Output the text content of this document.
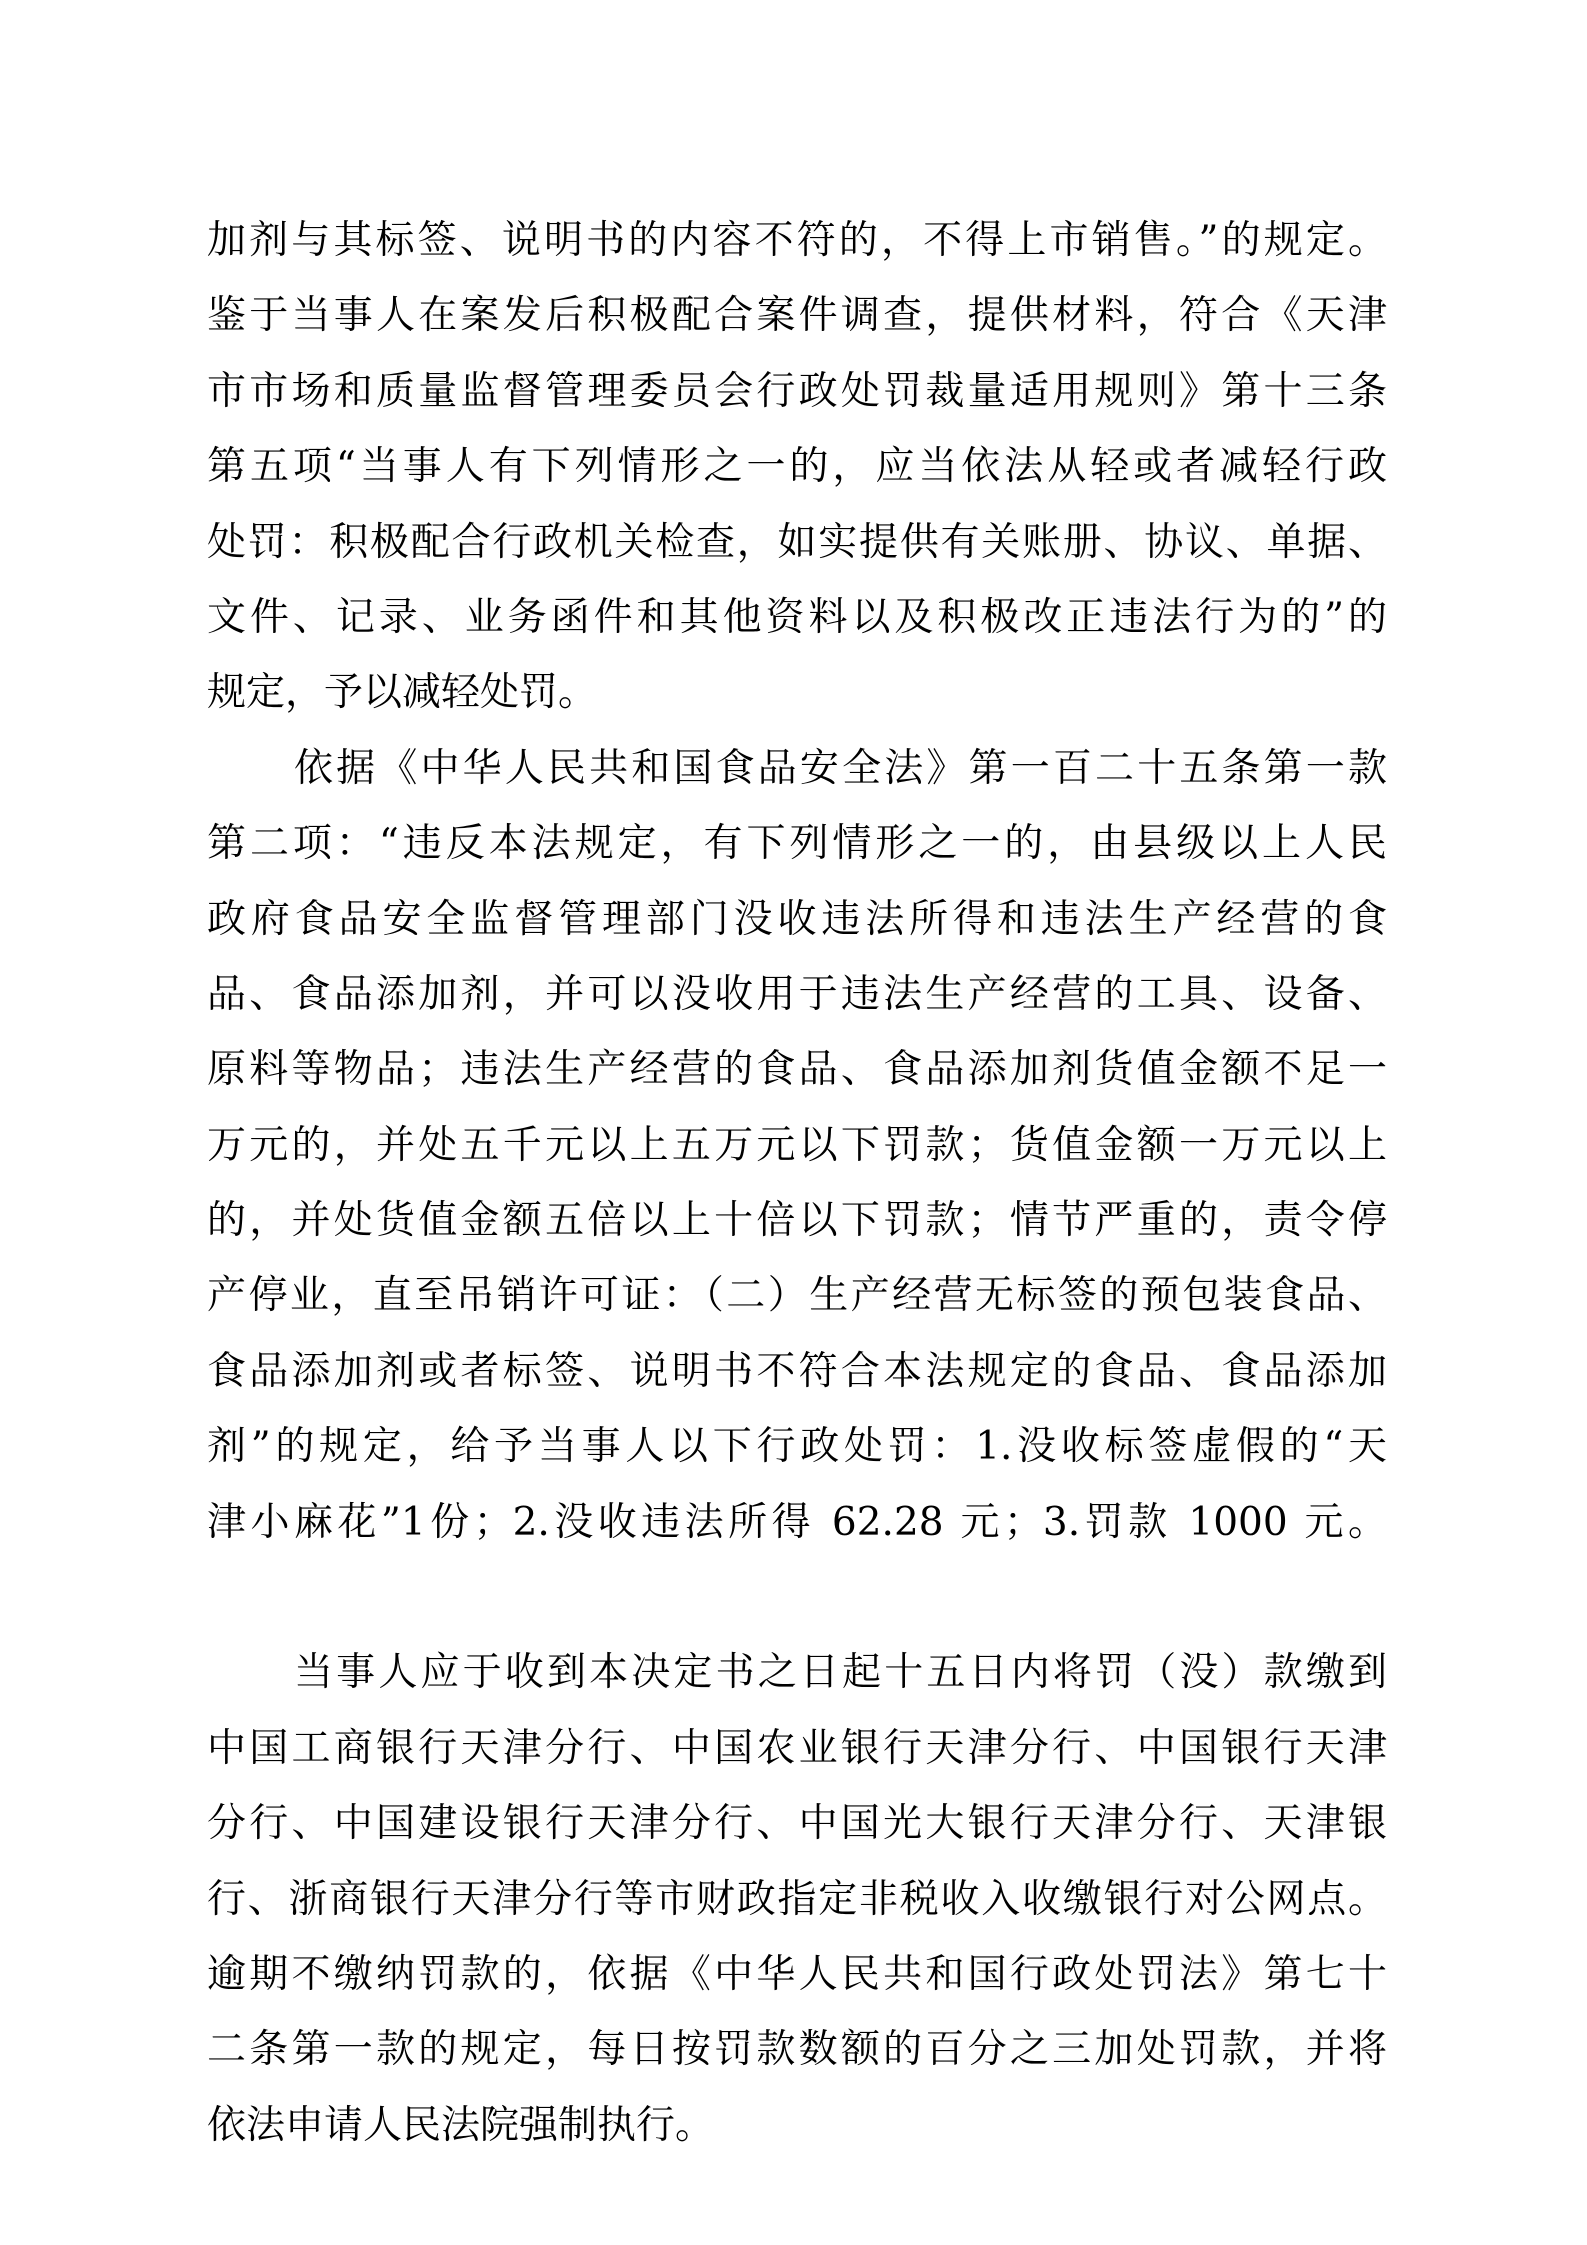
加剂与其标签、说明书的内容不符的，不得上市销售。”的规定。
鉴于当事人在案发后积极配合案件调查，提供材料，符合《天津
市市场和质量监督管理委员会行政处罚裁量适用规则》第十三条
第五项“当事人有下列情形之一的，应当依法从轻或者减轻行政
处罚：积极配合行政机关检查，如实提供有关账册、协议、单据、
文件、记录、业务函件和其他资料以及积极改正违法行为的”的
规定，予以减轻处罚。
依据《中华人民共和国食品安全法》第一百二十五条第一款
第二项：“违反本法规定，有下列情形之一的，由县级以上人民
政府食品安全监督管理部门没收违法所得和违法生产经营的食
品、食品添加剂，并可以没收用于违法生产经营的工具、设备、
原料等物品；违法生产经营的食品、食品添加剂货值金额不足一
万元的，并处五千元以上五万元以下罚款；货值金额一万元以上
的，并处货值金额五倍以上十倍以下罚款；情节严重的，责令停
产停业，直至吊销许可证：（二）生产经营无标签的预包装食品、
食品添加剂或者标签、说明书不符合本法规定的食品、食品添加
剂”的规定，给予当事人以下行政处罚：1.没收标签虚假的“天
津小麻花”1份；2.没收违法所得 62.28 元；3.罚款 1000 元。
当事人应于收到本决定书之日起十五日内将罚（没）款缴到
中国工商银行天津分行、中国农业银行天津分行、中国银行天津
分行、中国建设银行天津分行、中国光大银行天津分行、天津银
行、浙商银行天津分行等市财政指定非税收入收缴银行对公网点。
逾期不缴纳罚款的，依据《中华人民共和国行政处罚法》第七十
二条第一款的规定，每日按罚款数额的百分之三加处罚款，并将
依法申请人民法院强制执行。
